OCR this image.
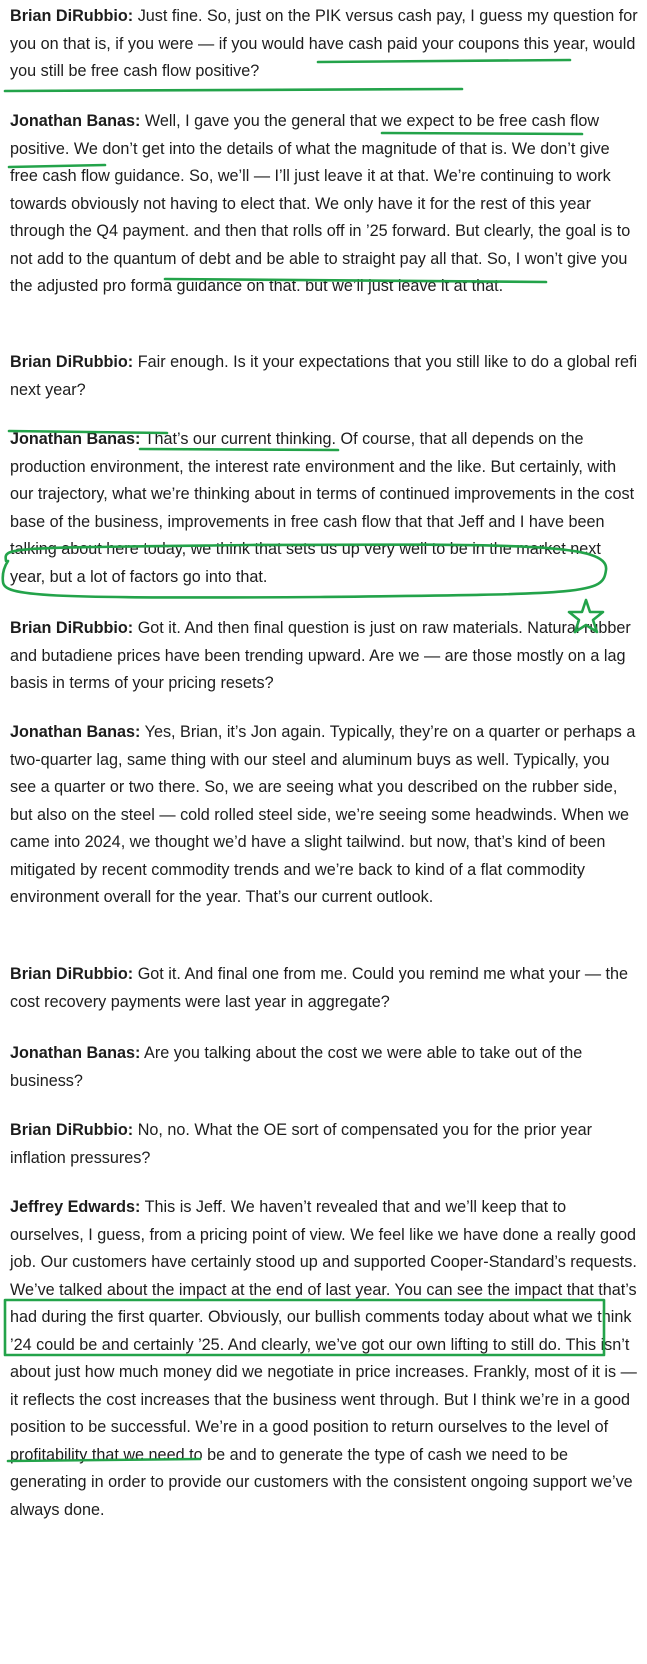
Brian DiRubbio: Just fine. So, just on the PIK versus cash pay, I guess my question for you on that is, if you were — if you would have cash paid your coupons this year, would you still be free cash flow positive?

Jonathan Banas: Well, I gave you the general that we expect to be free cash flow positive. We don’t get into the details of what the magnitude of that is. We don’t give free cash flow guidance. So, we’ll — I’ll just leave it at that. We’re continuing to work towards obviously not having to elect that. We only have it for the rest of this year through the Q4 payment. and then that rolls off in ’25 forward. But clearly, the goal is to not add to the quantum of debt and be able to straight pay all that. So, I won’t give you the adjusted pro forma guidance on that. but we’ll just leave it at that.

Brian DiRubbio: Fair enough. Is it your expectations that you still like to do a global refi next year?

Jonathan Banas: That’s our current thinking. Of course, that all depends on the production environment, the interest rate environment and the like. But certainly, with our trajectory, what we’re thinking about in terms of continued improvements in the cost base of the business, improvements in free cash flow that that Jeff and I have been talking about here today, we think that sets us up very well to be in the market next year, but a lot of factors go into that.

Brian DiRubbio: Got it. And then final question is just on raw materials. Natural rubber and butadiene prices have been trending upward. Are we — are those mostly on a lag basis in terms of your pricing resets?

Jonathan Banas: Yes, Brian, it’s Jon again. Typically, they’re on a quarter or perhaps a two-quarter lag, same thing with our steel and aluminum buys as well. Typically, you see a quarter or two there. So, we are seeing what you described on the rubber side, but also on the steel — cold rolled steel side, we’re seeing some headwinds. When we came into 2024, we thought we’d have a slight tailwind. but now, that’s kind of been mitigated by recent commodity trends and we’re back to kind of a flat commodity environment overall for the year. That’s our current outlook.

Brian DiRubbio: Got it. And final one from me. Could you remind me what your — the cost recovery payments were last year in aggregate?

Jonathan Banas: Are you talking about the cost we were able to take out of the business?

Brian DiRubbio: No, no. What the OE sort of compensated you for the prior year inflation pressures?

Jeffrey Edwards: This is Jeff. We haven’t revealed that and we’ll keep that to ourselves, I guess, from a pricing point of view. We feel like we have done a really good job. Our customers have certainly stood up and supported Cooper-Standard’s requests. We’ve talked about the impact at the end of last year. You can see the impact that that’s had during the first quarter. Obviously, our bullish comments today about what we think ’24 could be and certainly ’25. And clearly, we’ve got our own lifting to still do. This isn’t about just how much money did we negotiate in price increases. Frankly, most of it is — it reflects the cost increases that the business went through. But I think we’re in a good position to be successful. We’re in a good position to return ourselves to the level of profitability that we need to be and to generate the type of cash we need to be generating in order to provide our customers with the consistent ongoing support we’ve always done.
